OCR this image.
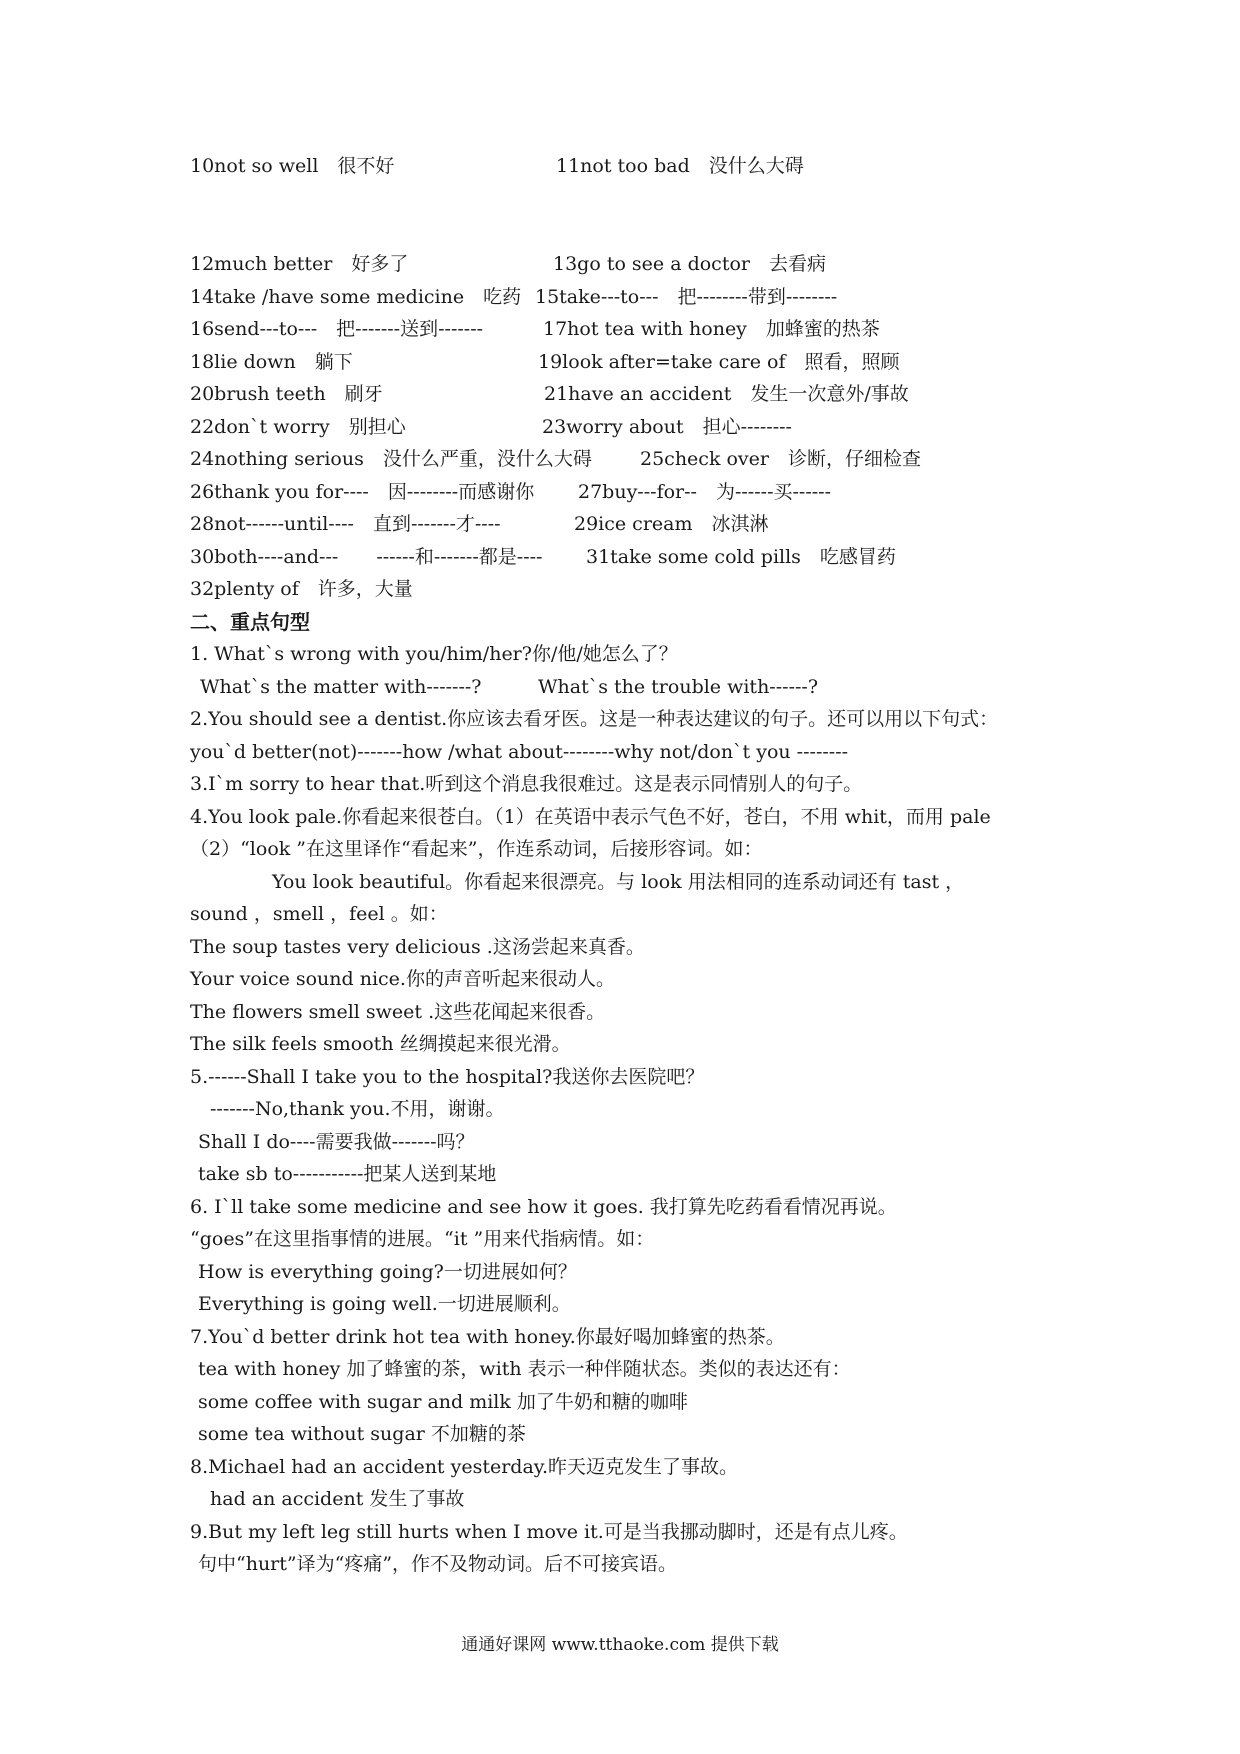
10not so well　很不好	11not too bad　没什么大碍
12much better　好多了	13go to see a doctor　去看病
14take /have some medicine　吃药 15take---to---　把--------带到--------
16send---to---　把-------送到-------	17hot tea with honey　加蜂蜜的热茶
18lie down　躺下	19look after=take care of　照看，照顾
20brush teeth　刷牙	21have an accident　发生一次意外/事故
22don`t worry　别担心	23worry about　担心--------
24nothing serious　没什么严重，没什么大碍	25check over　诊断，仔细检查
26thank you for----　因--------而感谢你 27buy---for--　为------买------
28not------until----　直到-------才----	29ice cream　冰淇淋
30both----and---　　------和-------都是---- 31take some cold pills　吃感冒药
32plenty of　许多，大量
二、重点句型
1. What`s wrong with you/him/her?你/他/她怎么了？
What`s the matter with-------?	What`s the trouble with------?
2.You should see a dentist.你应该去看牙医。这是一种表达建议的句子。还可以用以下句式：
you`d better(not)-------how /what about--------why not/don`t you --------
3.I`m sorry to hear that.听到这个消息我很难过。这是表示同情别人的句子。
4.You look pale.你看起来很苍白。（1）在英语中表示气色不好，苍白，不用 whit，而用 pale
（2）“look ”在这里译作“看起来”，作连系动词，后接形容词。如：
You look beautiful。你看起来很漂亮。与 look 用法相同的连系动词还有 tast ，
sound ，smell ，feel 。如：
The soup tastes very delicious .这汤尝起来真香。
Your voice sound nice.你的声音听起来很动人。
The flowers smell sweet .这些花闻起来很香。
The silk feels smooth 丝绸摸起来很光滑。
5.------Shall I take you to the hospital?我送你去医院吧？
-------No,thank you.不用，谢谢。
Shall I do----需要我做-------吗？
take sb to-----------把某人送到某地
6. I`ll take some medicine and see how it goes. 我打算先吃药看看情况再说。
“goes”在这里指事情的进展。“it ”用来代指病情。如：
How is everything going?一切进展如何？
Everything is going well.一切进展顺利。
7.You`d better drink hot tea with honey.你最好喝加蜂蜜的热茶。
tea with honey 加了蜂蜜的茶，with 表示一种伴随状态。类似的表达还有：
some coffee with sugar and milk 加了牛奶和糖的咖啡
some tea without sugar 不加糖的茶
8.Michael had an accident yesterday.昨天迈克发生了事故。
had an accident 发生了事故
9.But my left leg still hurts when I move it.可是当我挪动脚时，还是有点儿疼。
句中“hurt”译为“疼痛”，作不及物动词。后不可接宾语。
通通好课网 www.tthaoke.com 提供下载
